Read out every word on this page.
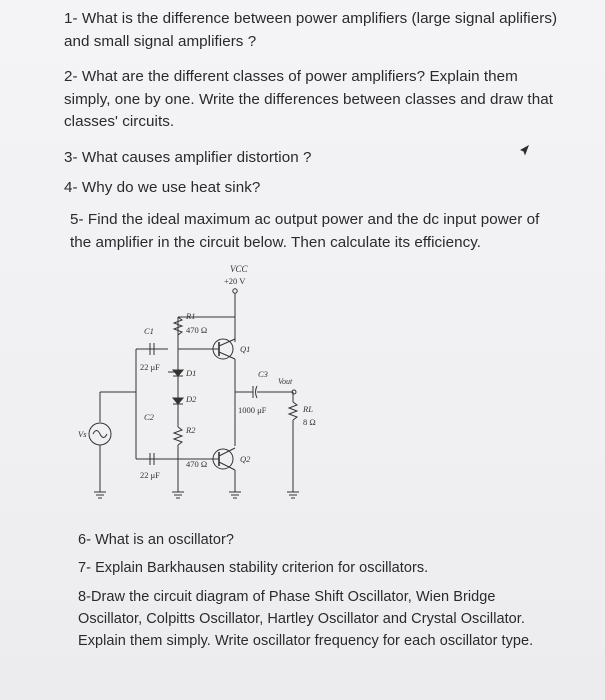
1- What is the difference between power amplifiers (large signal aplifiers) and small signal amplifiers ?
2- What are the different classes of power amplifiers? Explain them simply, one by one. Write the differences between classes and draw that classes' circuits.
3- What causes amplifier distortion ?
4- Why do we use heat sink?
5- Find the ideal maximum ac output power and the dc input power of the amplifier in the circuit below. Then calculate its efficiency.
VCC
+20 V
R1
470 Ω
D1
D2
Q1
Q2
C3
1000 μF
Vout
RL
8 Ω
R2
470 Ω
C1
22 μF
C2
22 μF
Vs
6- What is an oscillator?
7- Explain Barkhausen stability criterion for oscillators.
8-Draw the circuit diagram of Phase Shift Oscillator, Wien Bridge Oscillator, Colpitts Oscillator, Hartley Oscillator and Crystal Oscillator. Explain them simply. Write oscillator frequency for each oscillator type.
